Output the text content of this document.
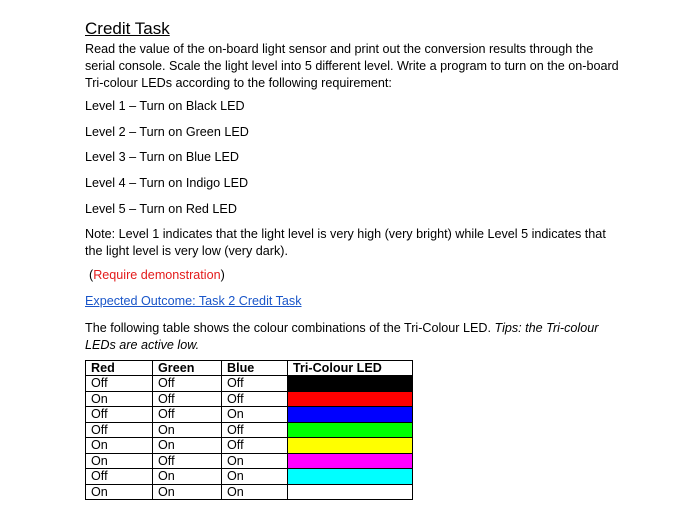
Credit Task
Read the value of the on-board light sensor and print out the conversion results through the serial console. Scale the light level into 5 different level. Write a program to turn on the on-board Tri-colour LEDs according to the following requirement:
Level 1 – Turn on Black LED
Level 2 – Turn on Green LED
Level 3 – Turn on Blue LED
Level 4 – Turn on Indigo LED
Level 5 – Turn on Red LED
Note: Level 1 indicates that the light level is very high (very bright) while Level 5 indicates that the light level is very low (very dark).
(Require demonstration)
Expected Outcome: Task 2 Credit Task
The following table shows the colour combinations of the Tri-Colour LED. Tips: the Tri-colour LEDs are active low.
Red	Green	Blue	Tri-Colour LED
Off	Off	Off	
On	Off	Off	
Off	Off	On	
Off	On	Off	
On	On	Off	
On	Off	On	
Off	On	On	
On	On	On	
